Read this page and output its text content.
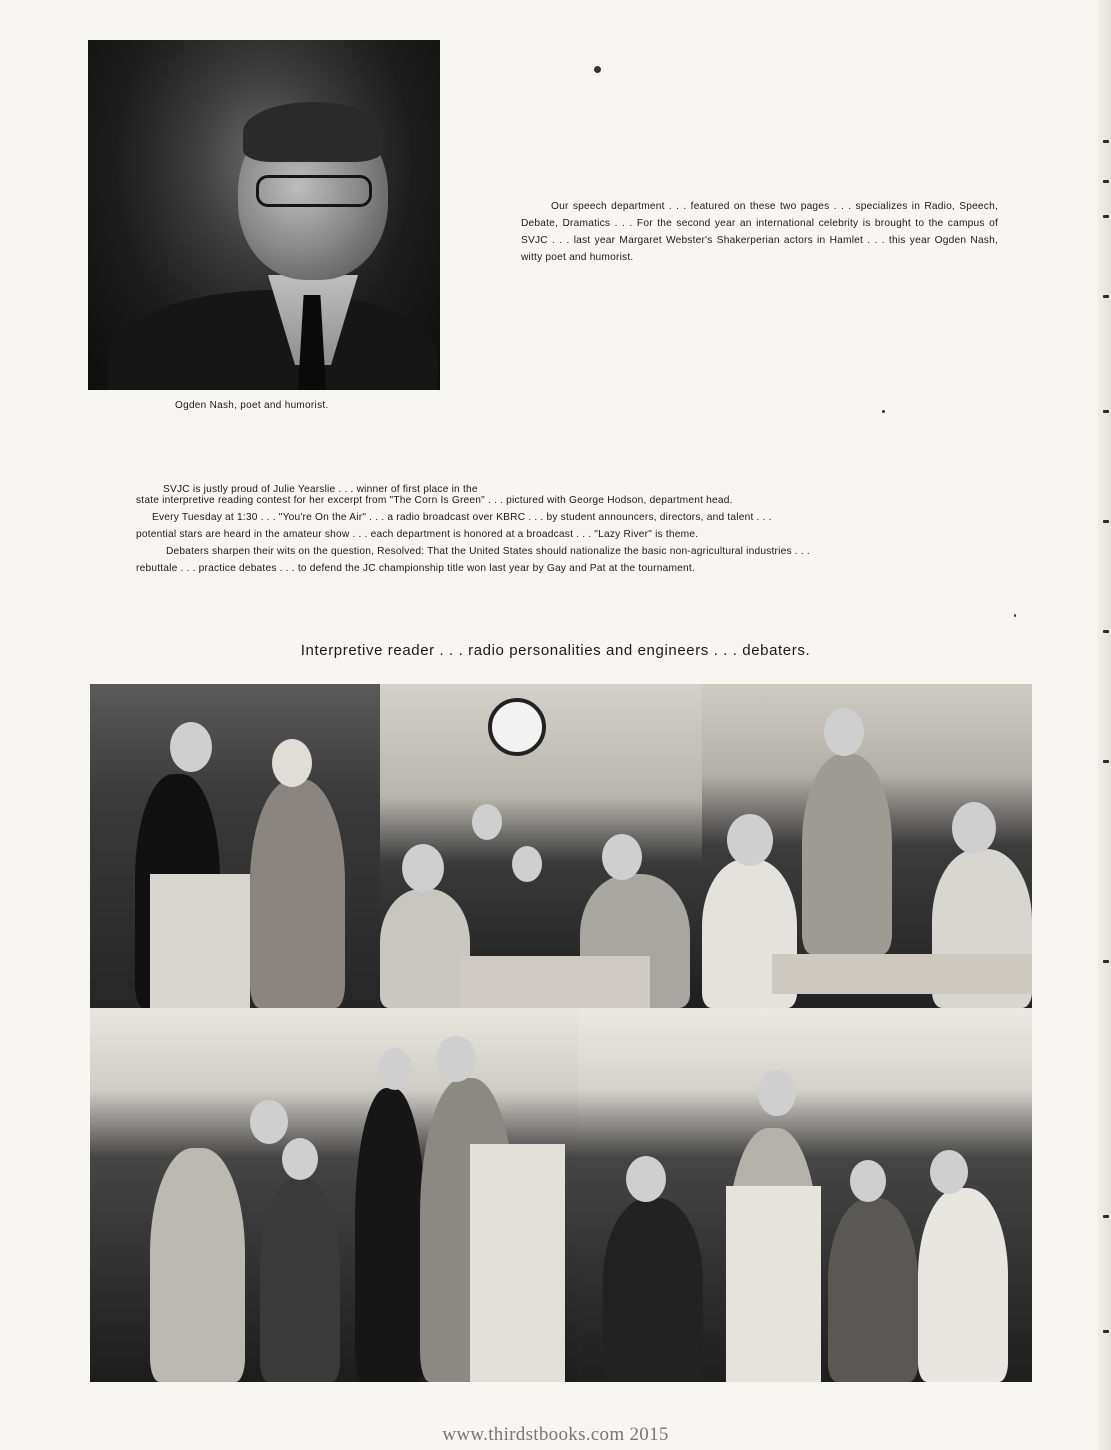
Ogden Nash, poet and humorist.

Our speech department . . . featured on these two pages . . . specializes in Radio, Speech, Debate, Dramatics . . . For the second year an international celebrity is brought to the campus of SVJC . . . last year Margaret Webster's Shakerperian actors in Hamlet . . . this year Ogden Nash, witty poet and humorist.

SVJC is justly proud of Julie Yearslie . . . winner of first place in the

state interpretive reading contest for her excerpt from "The Corn Is Green" . . . pictured with George Hodson, department head.

Every Tuesday at 1:30 . . . "You're On the Air" . . . a radio broadcast over KBRC . . . by student announcers, directors, and talent . . .

potential stars are heard in the amateur show . . . each department is honored at a broadcast . . . "Lazy River" is theme.

Debaters sharpen their wits on the question, Resolved: That the United States should nationalize the basic non-agricultural industries . . .

rebuttale . . . practice debates . . . to defend the JC championship title won last year by Gay and Pat at the tournament.

Interpretive reader . . . radio personalities and engineers . . . debaters.
www.thirdstbooks.com 2015
